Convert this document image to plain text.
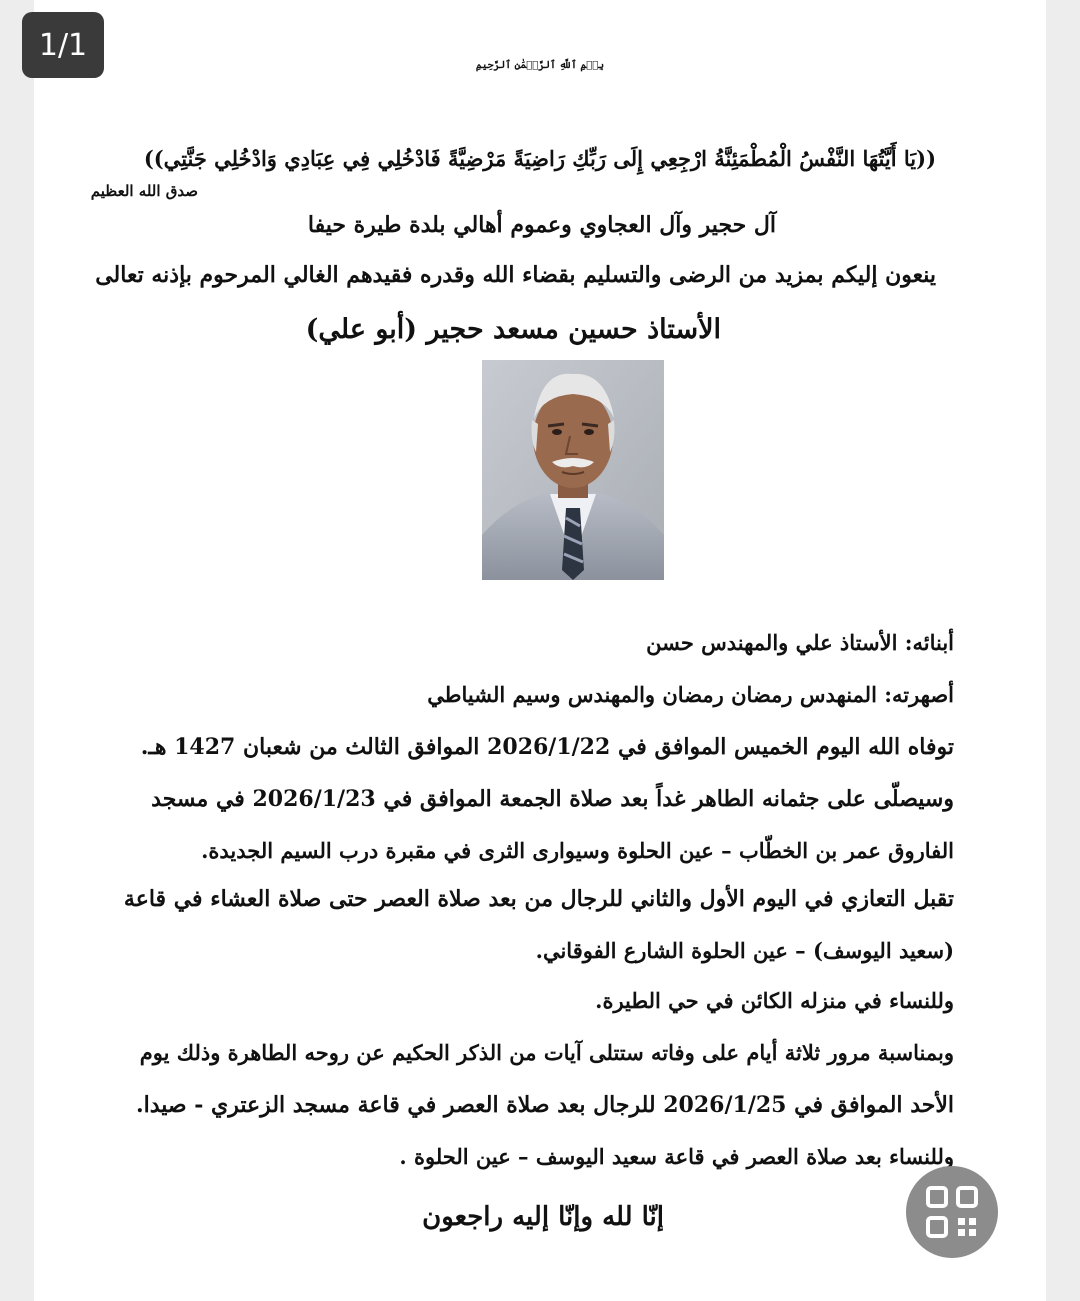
1/1
بِسۡمِ ٱللَّهِ ٱلرَّحۡمَٰنِ ٱلرَّحِيمِ
((يَا أَيَّتُهَا النَّفْسُ الْمُطْمَئِنَّةُ ارْجِعِي إِلَى رَبِّكِ رَاضِيَةً مَرْضِيَّةً فَادْخُلِي فِي عِبَادِي وَادْخُلِي جَنَّتِي))
صدق الله العظيم
آل حجير وآل العجاوي وعموم أهالي بلدة طيرة حيفا
ينعون إليكم بمزيد من الرضى والتسليم بقضاء الله وقدره فقيدهم الغالي المرحوم بإذنه تعالى
الأستاذ حسين مسعد حجير (أبو علي)
أبنائه: الأستاذ علي والمهندس حسن
أصهرته: المنهدس رمضان رمضان والمهندس وسيم الشياطي
توفاه الله اليوم الخميس الموافق في 2026/1/22 الموافق الثالث من شعبان 1427 هـ.
وسيصلّى على جثمانه الطاهر غداً بعد صلاة الجمعة الموافق في 2026/1/23 في مسجد
الفاروق عمر بن الخطّاب – عين الحلوة وسيوارى الثرى في مقبرة درب السيم الجديدة.
تقبل التعازي في اليوم الأول والثاني للرجال من بعد صلاة العصر حتى صلاة العشاء في قاعة
(سعيد اليوسف) – عين الحلوة الشارع الفوقاني.
وللنساء في منزله الكائن في حي الطيرة.
وبمناسبة مرور ثلاثة أيام على وفاته ستتلى آيات من الذكر الحكيم عن روحه الطاهرة وذلك يوم
الأحد الموافق في 2026/1/25 للرجال بعد صلاة العصر في قاعة مسجد الزعتري - صيدا.
وللنساء بعد صلاة العصر في قاعة سعيد اليوسف – عين الحلوة .
إنّا لله وإنّا إليه راجعون
